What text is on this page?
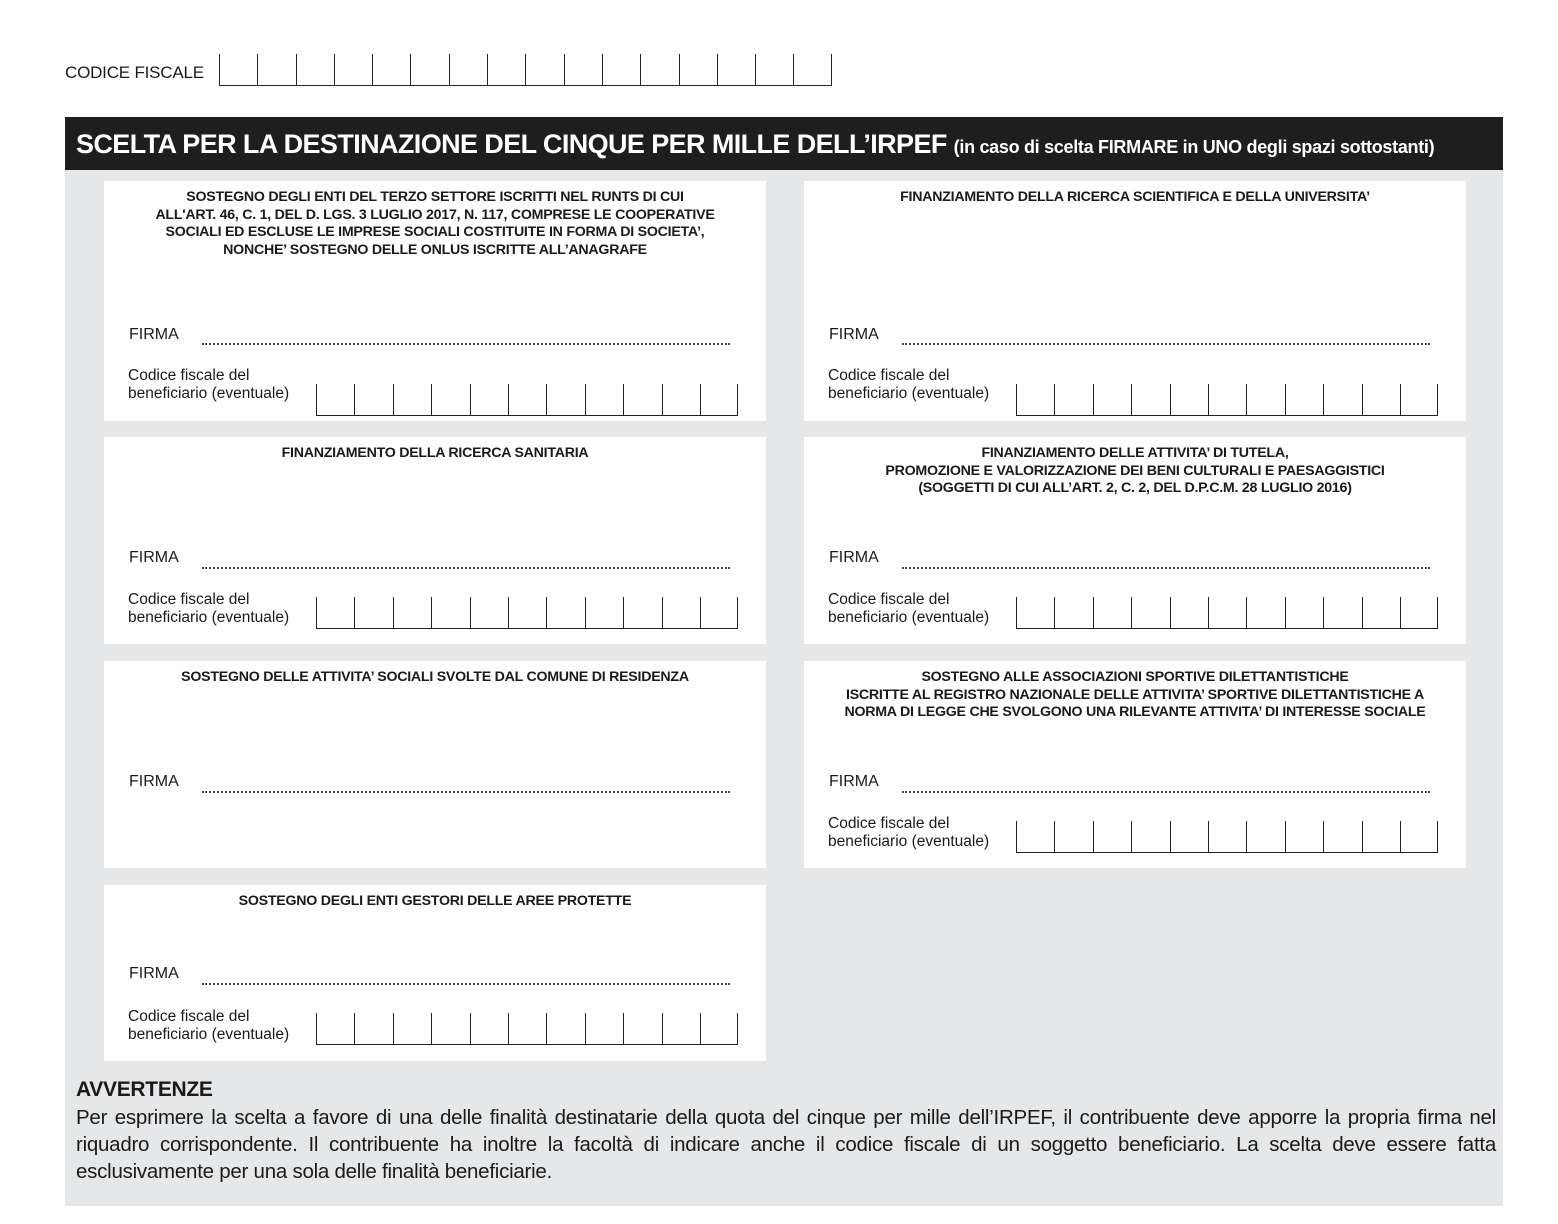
CODICE FISCALE
SCELTA PER LA DESTINAZIONE DEL CINQUE PER MILLE DELL’IRPEF (in caso di scelta FIRMARE in UNO degli spazi sottostanti)
SOSTEGNO DEGLI ENTI DEL TERZO SETTORE ISCRITTI NEL RUNTS DI CUI
ALL'ART. 46, C. 1, DEL D. LGS. 3 LUGLIO 2017, N. 117, COMPRESE LE COOPERATIVE
SOCIALI ED ESCLUSE LE IMPRESE SOCIALI COSTITUITE IN FORMA DI SOCIETA’,
NONCHE’ SOSTEGNO DELLE ONLUS ISCRITTE ALL’ANAGRAFE
FIRMA
Codice fiscale del
beneficiario (eventuale)
FINANZIAMENTO DELLA RICERCA SCIENTIFICA E DELLA UNIVERSITA’
FIRMA
Codice fiscale del
beneficiario (eventuale)
FINANZIAMENTO DELLA RICERCA SANITARIA
FIRMA
Codice fiscale del
beneficiario (eventuale)
FINANZIAMENTO DELLE ATTIVITA’ DI TUTELA,
PROMOZIONE E VALORIZZAZIONE DEI BENI CULTURALI E PAESAGGISTICI
(SOGGETTI DI CUI ALL’ART. 2, C. 2, DEL D.P.C.M. 28 LUGLIO 2016)
FIRMA
Codice fiscale del
beneficiario (eventuale)
SOSTEGNO DELLE ATTIVITA’ SOCIALI SVOLTE DAL COMUNE DI RESIDENZA
FIRMA
SOSTEGNO ALLE ASSOCIAZIONI SPORTIVE DILETTANTISTICHE
ISCRITTE AL REGISTRO NAZIONALE DELLE ATTIVITA’ SPORTIVE DILETTANTISTICHE A
NORMA DI LEGGE CHE SVOLGONO UNA RILEVANTE ATTIVITA’ DI INTERESSE SOCIALE
FIRMA
Codice fiscale del
beneficiario (eventuale)
SOSTEGNO DEGLI ENTI GESTORI DELLE AREE PROTETTE
FIRMA
Codice fiscale del
beneficiario (eventuale)
AVVERTENZE
Per esprimere la scelta a favore di una delle finalità destinatarie della quota del cinque per mille dell’IRPEF, il contribuente deve apporre la propria firma nel riquadro corrispondente. Il contribuente ha inoltre la facoltà di indicare anche il codice fiscale di un soggetto beneficiario. La scelta deve essere fatta esclusivamente per una sola delle finalità beneficiarie.
